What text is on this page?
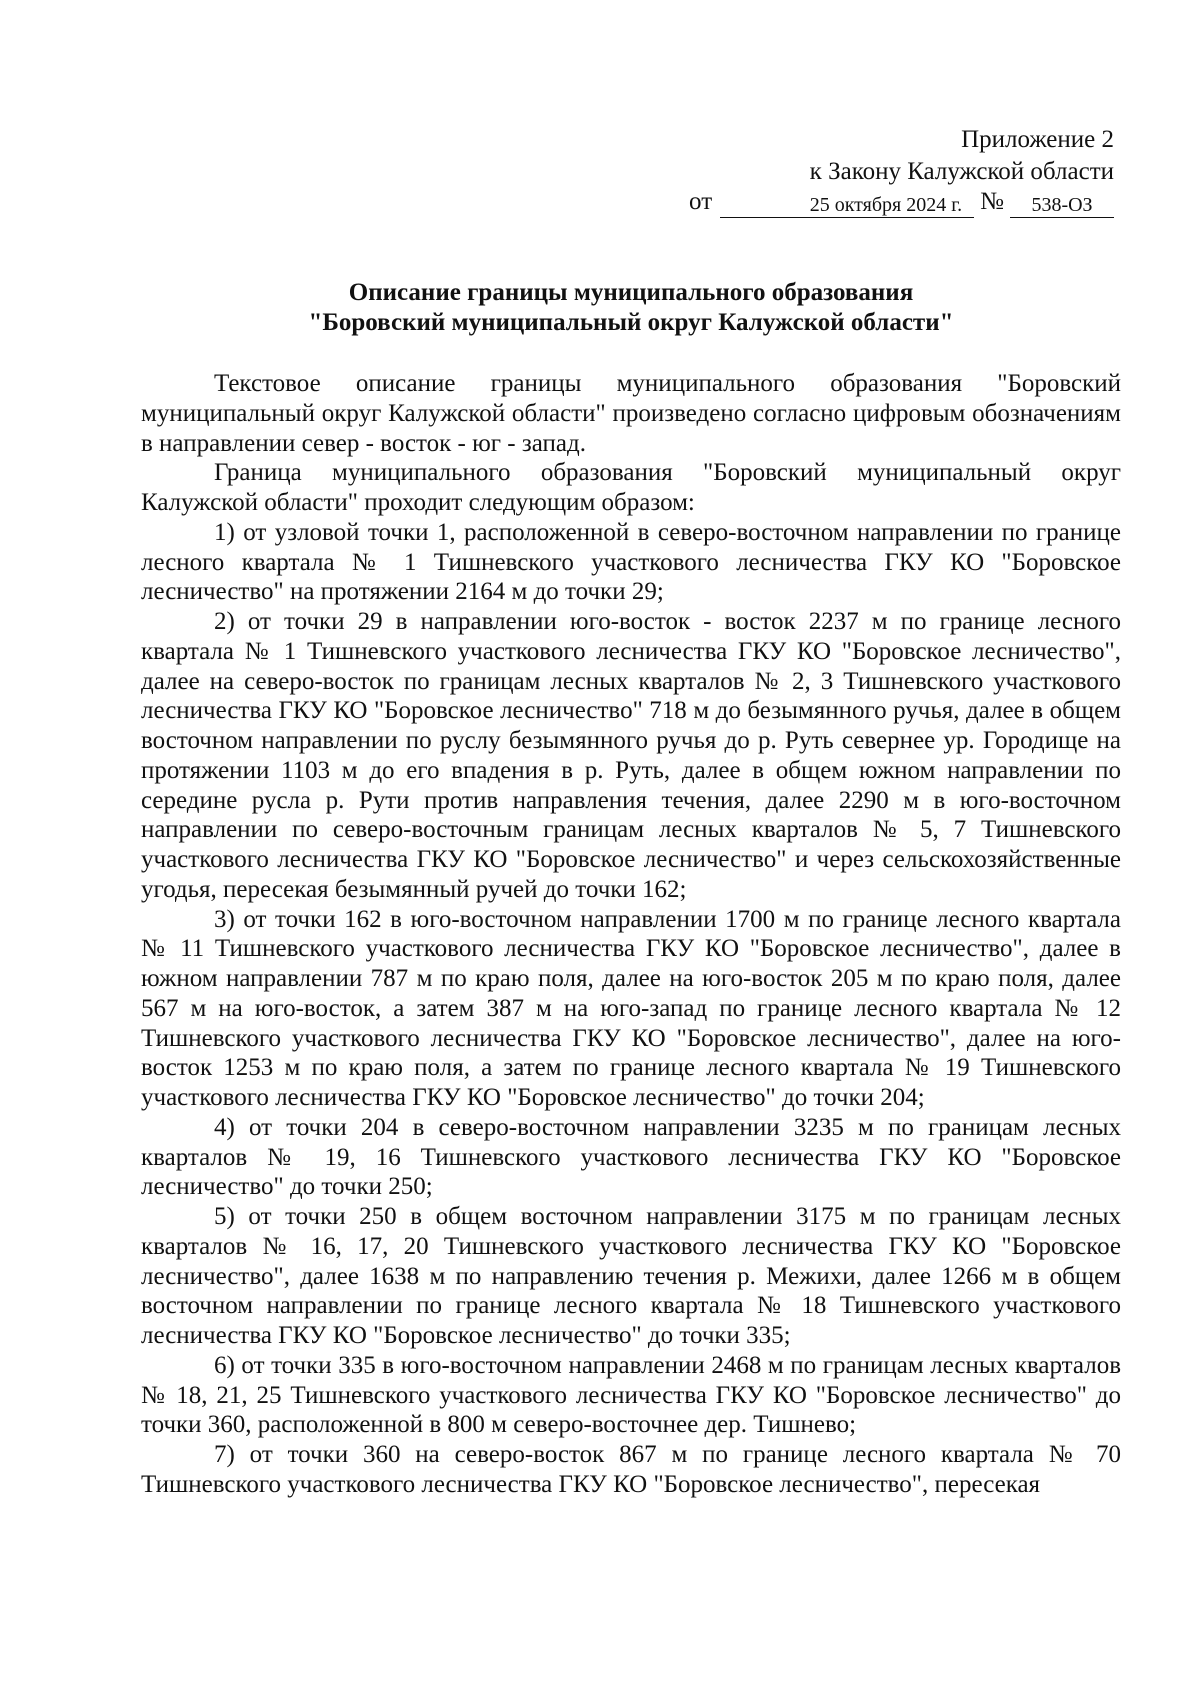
Приложение 2
к Закону Калужской области
от	25 октября 2024 г. №	538-ОЗ
Описание границы муниципального образования
"Боровский муниципальный округ Калужской области"

Текстовое описание границы муниципального образования "Боровский муниципальный округ Калужской области" произведено согласно цифровым обозначениям в направлении север - восток - юг - запад.

Граница муниципального образования "Боровский муниципальный округ Калужской области" проходит следующим образом:

1) от узловой точки 1, расположенной в северо-восточном направлении по границе лесного квартала № 1 Тишневского участкового лесничества ГКУ КО "Боровское лесничество" на протяжении 2164 м до точки 29;

2) от точки 29 в направлении юго-восток - восток 2237 м по границе лесного квартала № 1 Тишневского участкового лесничества ГКУ КО "Боровское лесничество", далее на северо-восток по границам лесных кварталов № 2, 3 Тишневского участкового лесничества ГКУ КО "Боровское лесничество" 718 м до безымянного ручья, далее в общем восточном направлении по руслу безымянного ручья до р. Руть севернее ур. Городище на протяжении 1103 м до его впадения в р. Руть, далее в общем южном направлении по середине русла р. Рути против направления течения, далее 2290 м в юго-восточном направлении по северо-восточным границам лесных кварталов № 5, 7 Тишневского участкового лесничества ГКУ КО "Боровское лесничество" и через сельскохозяйственные угодья, пересекая безымянный ручей до точки 162;

3) от точки 162 в юго-восточном направлении 1700 м по границе лесного квартала № 11 Тишневского участкового лесничества ГКУ КО "Боровское лесничество", далее в южном направлении 787 м по краю поля, далее на юго-восток 205 м по краю поля, далее 567 м на юго-восток, а затем 387 м на юго-запад по границе лесного квартала № 12 Тишневского участкового лесничества ГКУ КО "Боровское лесничество", далее на юго-восток 1253 м по краю поля, а затем по границе лесного квартала № 19 Тишневского участкового лесничества ГКУ КО "Боровское лесничество" до точки 204;

4) от точки 204 в северо-восточном направлении 3235 м по границам лесных кварталов № 19, 16 Тишневского участкового лесничества ГКУ КО "Боровское лесничество" до точки 250;

5) от точки 250 в общем восточном направлении 3175 м по границам лесных кварталов № 16, 17, 20 Тишневского участкового лесничества ГКУ КО "Боровское лесничество", далее 1638 м по направлению течения р. Межихи, далее 1266 м в общем восточном направлении по границе лесного квартала № 18 Тишневского участкового лесничества ГКУ КО "Боровское лесничество" до точки 335;

6) от точки 335 в юго-восточном направлении 2468 м по границам лесных кварталов № 18, 21, 25 Тишневского участкового лесничества ГКУ КО "Боровское лесничество" до точки 360, расположенной в 800 м северо-восточнее дер. Тишнево;

7) от точки 360 на северо-восток 867 м по границе лесного квартала № 70 Тишневского участкового лесничества ГКУ КО "Боровское лесничество", пересекая
